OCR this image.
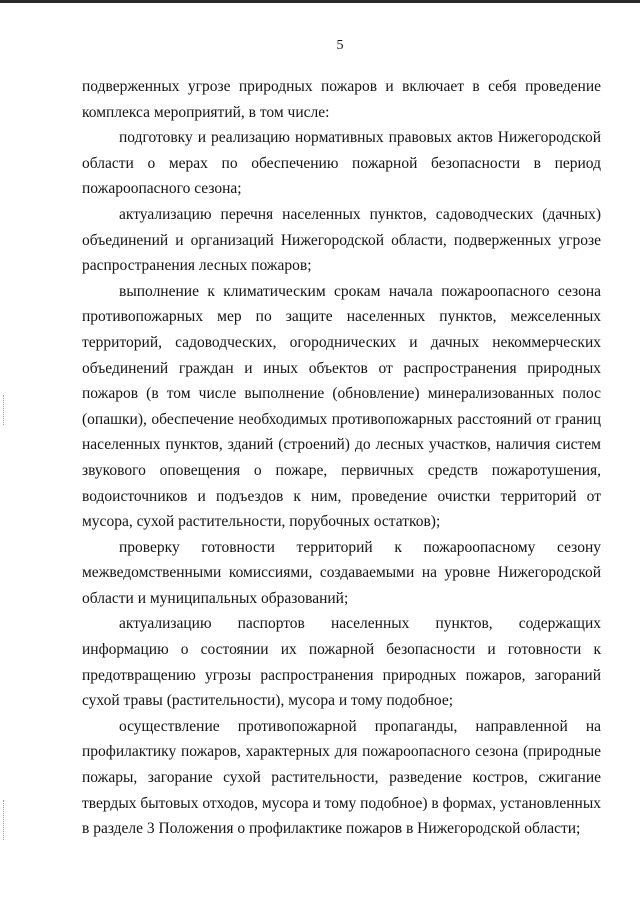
5

подверженных угрозе природных пожаров и включает в себя проведение комплекса мероприятий, в том числе:

подготовку и реализацию нормативных правовых актов Нижегородской области о мерах по обеспечению пожарной безопасности в период пожароопасного сезона;

актуализацию перечня населенных пунктов, садоводческих (дачных) объединений и организаций Нижегородской области, подверженных угрозе распространения лесных пожаров;

выполнение к климатическим срокам начала пожароопасного сезона противопожарных мер по защите населенных пунктов, межселенных территорий, садоводческих, огороднических и дачных некоммерческих объединений граждан и иных объектов от распространения природных пожаров (в том числе выполнение (обновление) минерализованных полос (опашки), обеспечение необходимых противопожарных расстояний от границ населенных пунктов, зданий (строений) до лесных участков, наличия систем звукового оповещения о пожаре, первичных средств пожаротушения, водоисточников и подъездов к ним, проведение очистки территорий от мусора, сухой растительности, порубочных остатков);

проверку готовности территорий к пожароопасному сезону межведомственными комиссиями, создаваемыми на уровне Нижегородской области и муниципальных образований;

актуализацию паспортов населенных пунктов, содержащих информацию о состоянии их пожарной безопасности и готовности к предотвращению угрозы распространения природных пожаров, загораний сухой травы (растительности), мусора и тому подобное;

осуществление противопожарной пропаганды, направленной на профилактику пожаров, характерных для пожароопасного сезона (природные пожары, загорание сухой растительности, разведение костров, сжигание твердых бытовых отходов, мусора и тому подобное) в формах, установленных в разделе 3 Положения о профилактике пожаров в Нижегородской области;
